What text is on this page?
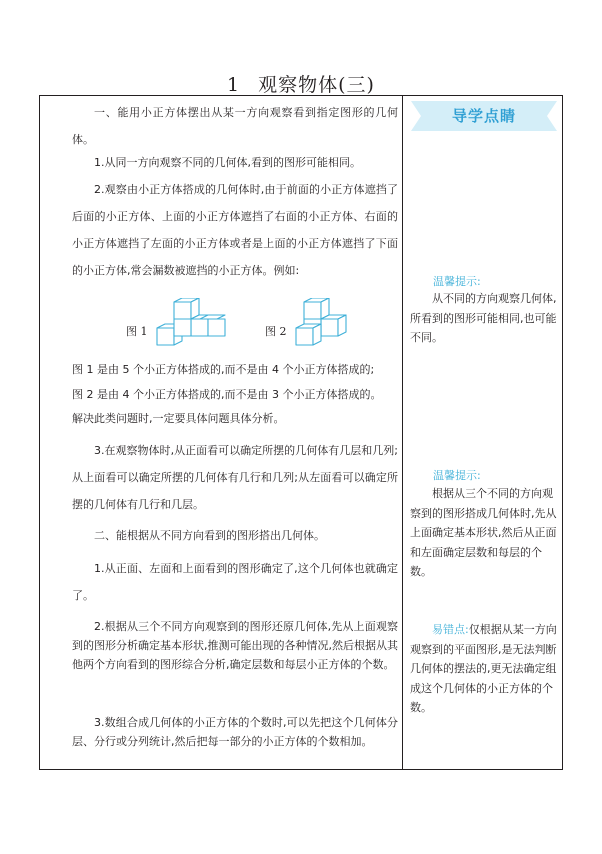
1 观察物体(三)
一、能用小正方体摆出从某一方向观察看到指定图形的几何体。
1.从同一方向观察不同的几何体,看到的图形可能相同。
2.观察由小正方体搭成的几何体时,由于前面的小正方体遮挡了后面的小正方体、上面的小正方体遮挡了右面的小正方体、右面的小正方体遮挡了左面的小正方体或者是上面的小正方体遮挡了下面的小正方体,常会漏数被遮挡的小正方体。例如:
图 1	图 2
图 1 是由 5 个小正方体搭成的,而不是由 4 个小正方体搭成的;
图 2 是由 4 个小正方体搭成的,而不是由 3 个小正方体搭成的。
解决此类问题时,一定要具体问题具体分析。
3.在观察物体时,从正面看可以确定所摆的几何体有几层和几列;从上面看可以确定所摆的几何体有几行和几列;从左面看可以确定所摆的几何体有几行和几层。
二、能根据从不同方向看到的图形搭出几何体。
1.从正面、左面和上面看到的图形确定了,这个几何体也就确定了。
2.根据从三个不同方向观察到的图形还原几何体,先从上面观察到的图形分析确定基本形状,推测可能出现的各种情况,然后根据从其他两个方向看到的图形综合分析,确定层数和每层小正方体的个数。
3.数组合成几何体的小正方体的个数时,可以先把这个几何体分层、分行或分列统计,然后把每一部分的小正方体的个数相加。
导学点睛
温馨提示:
从不同的方向观察几何体,所看到的图形可能相同,也可能不同。
温馨提示:
根据从三个不同的方向观察到的图形搭成几何体时,先从上面确定基本形状,然后从正面和左面确定层数和每层的个数。
易错点:仅根据从某一方向观察到的平面图形,是无法判断几何体的摆法的,更无法确定组成这个几何体的小正方体的个数。
